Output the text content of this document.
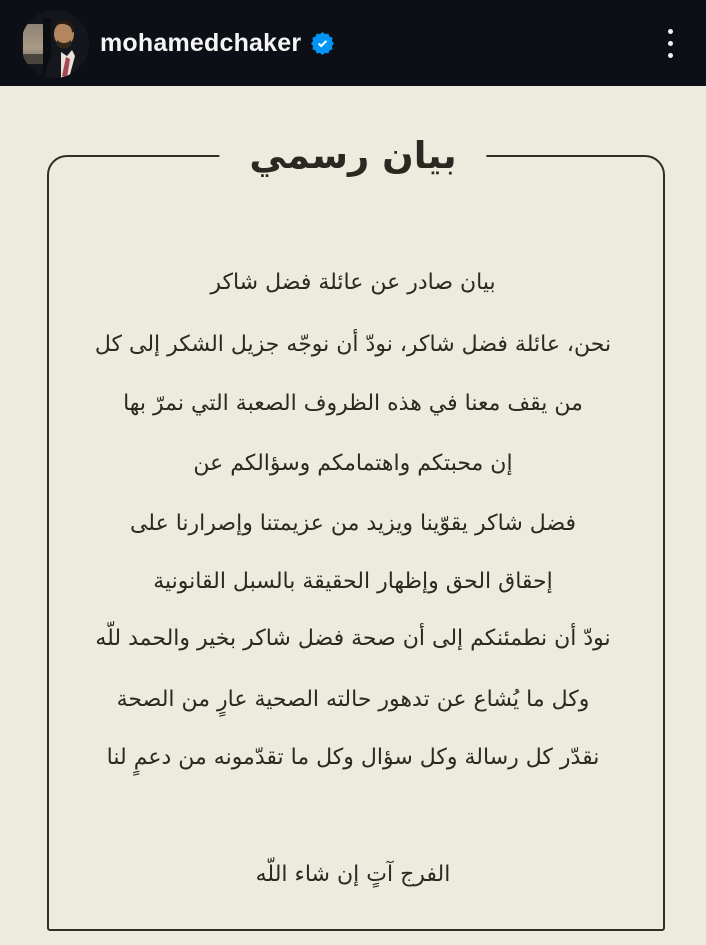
mohamedchaker
بيان رسمي

بيان صادر عن عائلة فضل شاكر

نحن، عائلة فضل شاكر، نودّ أن نوجّه جزيل الشكر إلى كل

من يقف معنا في هذه الظروف الصعبة التي نمرّ بها

إن محبتكم واهتمامكم وسؤالكم عن

فضل شاكر يقوّينا ويزيد من عزيمتنا وإصرارنا على

إحقاق الحق وإظهار الحقيقة بالسبل القانونية

نودّ أن نطمئنكم إلى أن صحة فضل شاكر بخير والحمد للّه

وكل ما يُشاع عن تدهور حالته الصحية عارٍ من الصحة

نقدّر كل رسالة وكل سؤال وكل ما تقدّمونه من دعمٍ لنا

الفرج آتٍ إن شاء اللّه
